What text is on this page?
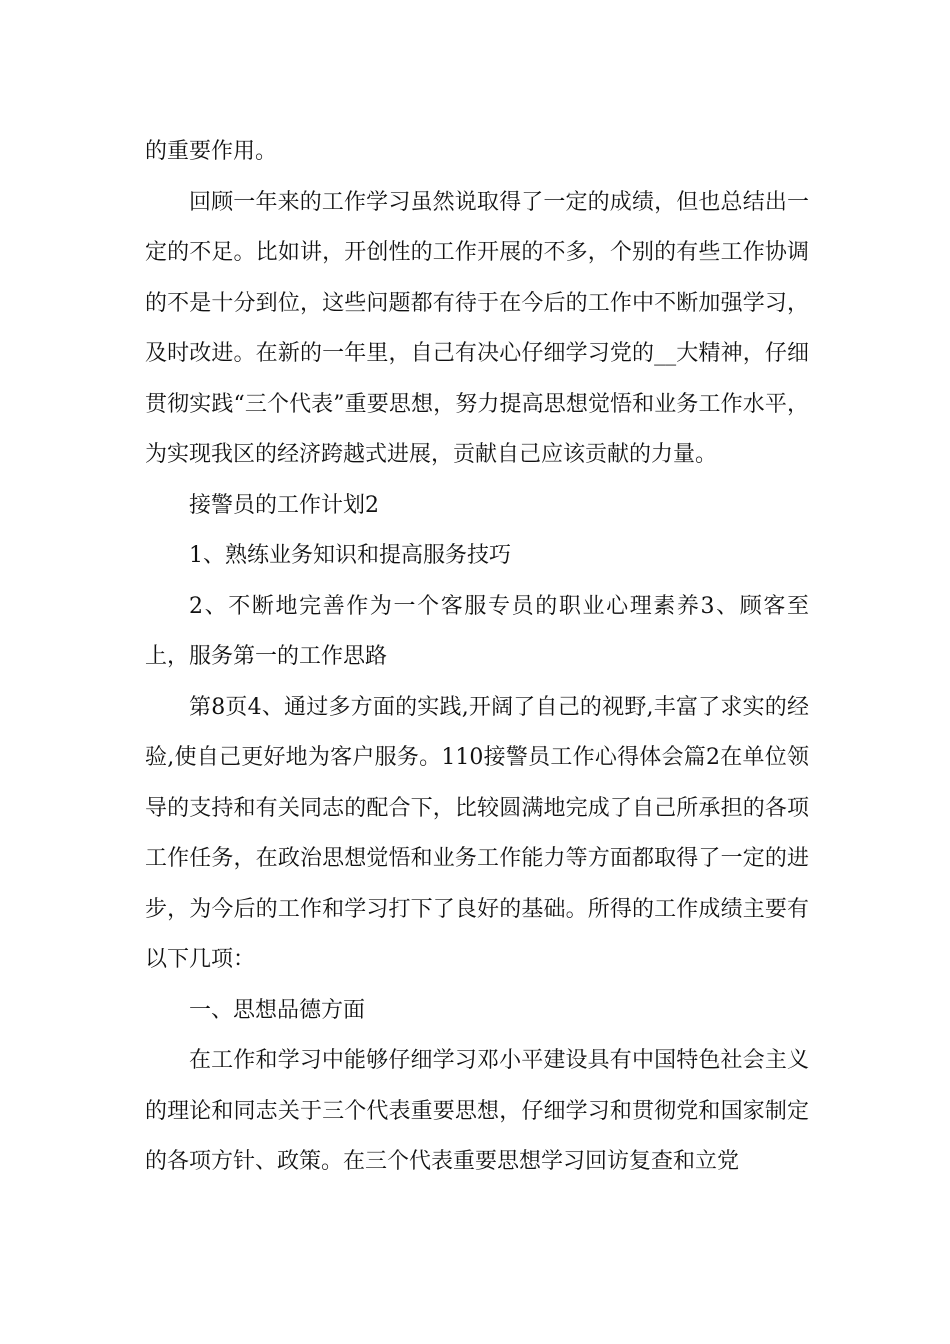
的重要作用。

回顾一年来的工作学习虽然说取得了一定的成绩，但也总结出一定的不足。比如讲，开创性的工作开展的不多，个别的有些工作协调的不是十分到位，这些问题都有待于在今后的工作中不断加强学习，及时改进。在新的一年里，自己有决心仔细学习党的__大精神，仔细贯彻实践“三个代表”重要思想，努力提高思想觉悟和业务工作水平，为实现我区的经济跨越式进展，贡献自己应该贡献的力量。

接警员的工作计划2

1、熟练业务知识和提高服务技巧

2、不断地完善作为一个客服专员的职业心理素养3、顾客至上，服务第一的工作思路

第8页4、通过多方面的实践,开阔了自己的视野,丰富了求实的经验,使自己更好地为客户服务。110接警员工作心得体会篇2在单位领导的支持和有关同志的配合下，比较圆满地完成了自己所承担的各项工作任务，在政治思想觉悟和业务工作能力等方面都取得了一定的进步，为今后的工作和学习打下了良好的基础。所得的工作成绩主要有以下几项：

一、思想品德方面

在工作和学习中能够仔细学习邓小平建设具有中国特色社会主义的理论和同志关于三个代表重要思想，仔细学习和贯彻党和国家制定的各项方针、政策。在三个代表重要思想学习回访复查和立党
